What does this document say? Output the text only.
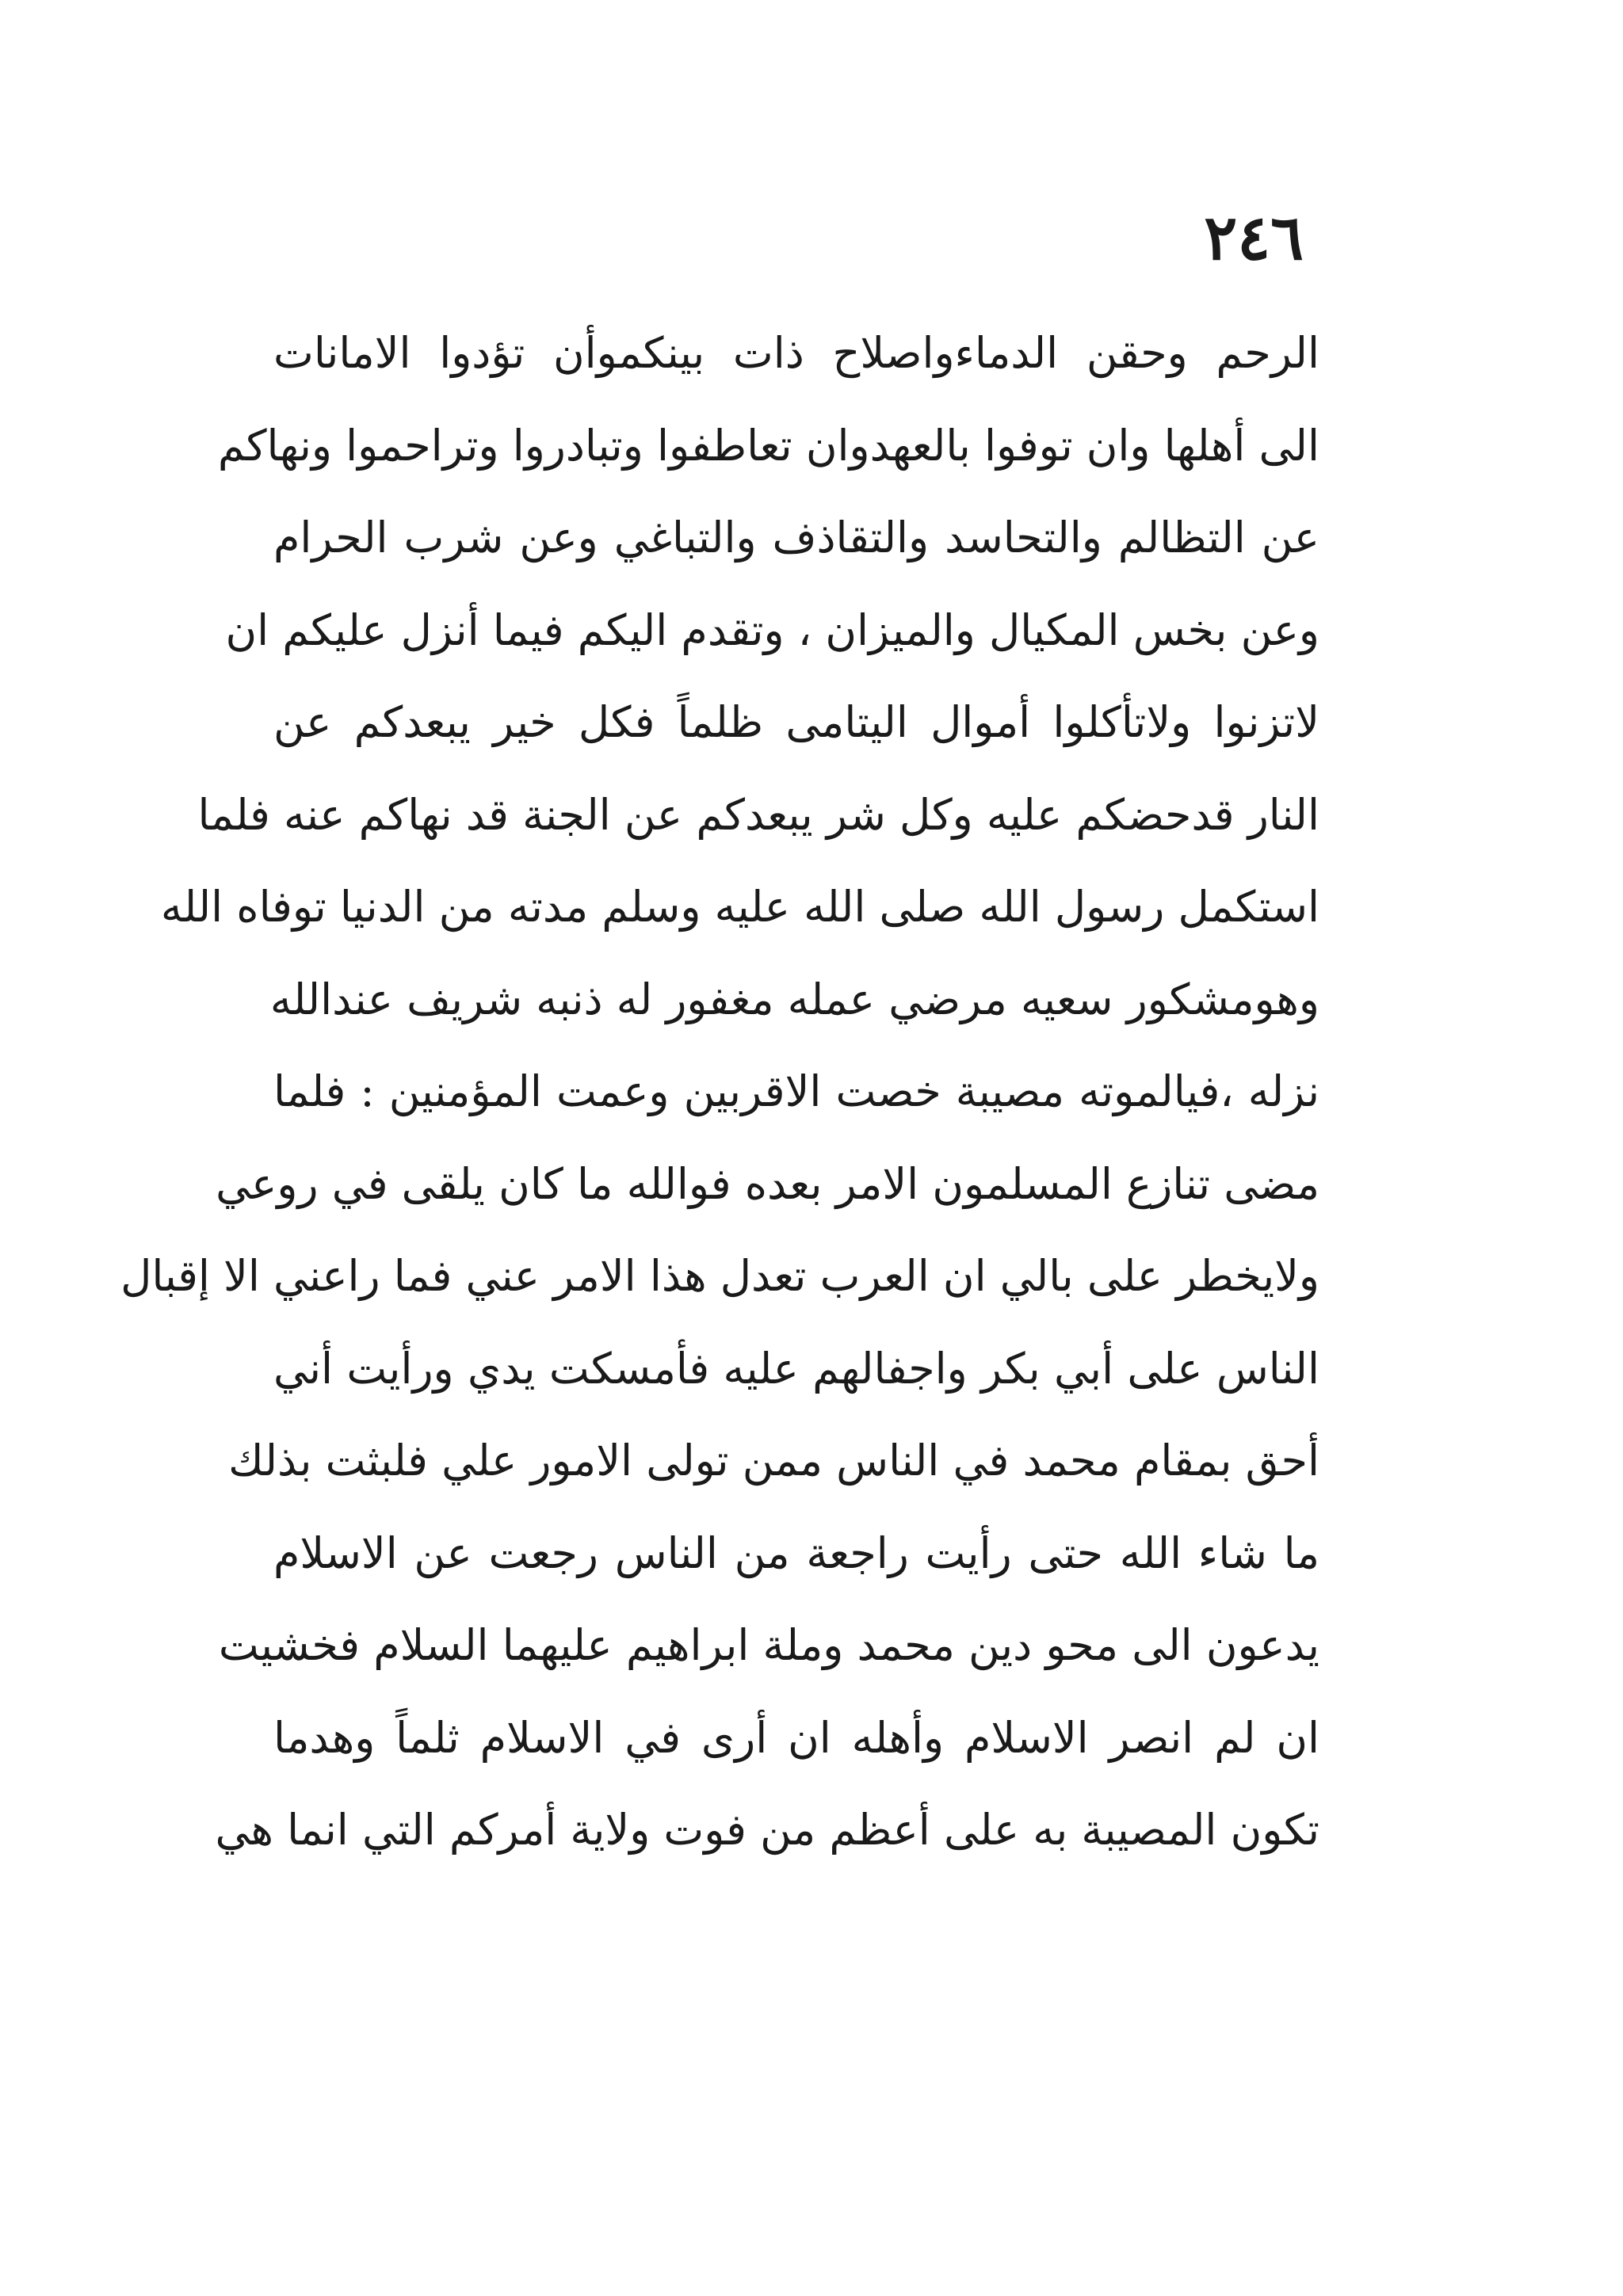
٢٤٦
الرحم وحقن الدماءواصلاح ذات بينكموأن تؤدوا الامانات
الى أهلها وان توفوا بالعهدوان تعاطفوا وتبادروا وتراحموا ونهاكم
عن التظالم والتحاسد والتقاذف والتباغي وعن شرب الحرام
وعن بخس المكيال والميزان ، وتقدم اليكم فيما أنزل عليكم ان
لاتزنوا ولاتأكلوا أموال اليتامى ظلماً فكل خير يبعدكم عن
النار قدحضكم عليه وكل شر يبعدكم عن الجنة قد نهاكم عنه فلما
استكمل رسول الله صلى الله عليه وسلم مدته من الدنيا توفاه الله
وهومشكور سعيه مرضي عمله مغفور له ذنبه شريف عندالله
نزله ،فيالموته مصيبة خصت الاقربين وعمت المؤمنين : فلما
مضى تنازع المسلمون الامر بعده فوالله ما كان يلقى في روعي
ولايخطر على بالي ان العرب تعدل هذا الامر عني فما راعني الا إقبال
الناس على أبي بكر واجفالهم عليه فأمسكت يدي ورأيت أني
أحق بمقام محمد في الناس ممن تولى الامور علي فلبثت بذلك
ما شاء الله حتى رأيت راجعة من الناس رجعت عن الاسلام
يدعون الى محو دين محمد وملة ابراهيم عليهما السلام فخشيت
ان لم انصر الاسلام وأهله ان أرى في الاسلام ثلماً وهدما
تكون المصيبة به على أعظم من فوت ولاية أمركم التي انما هي
